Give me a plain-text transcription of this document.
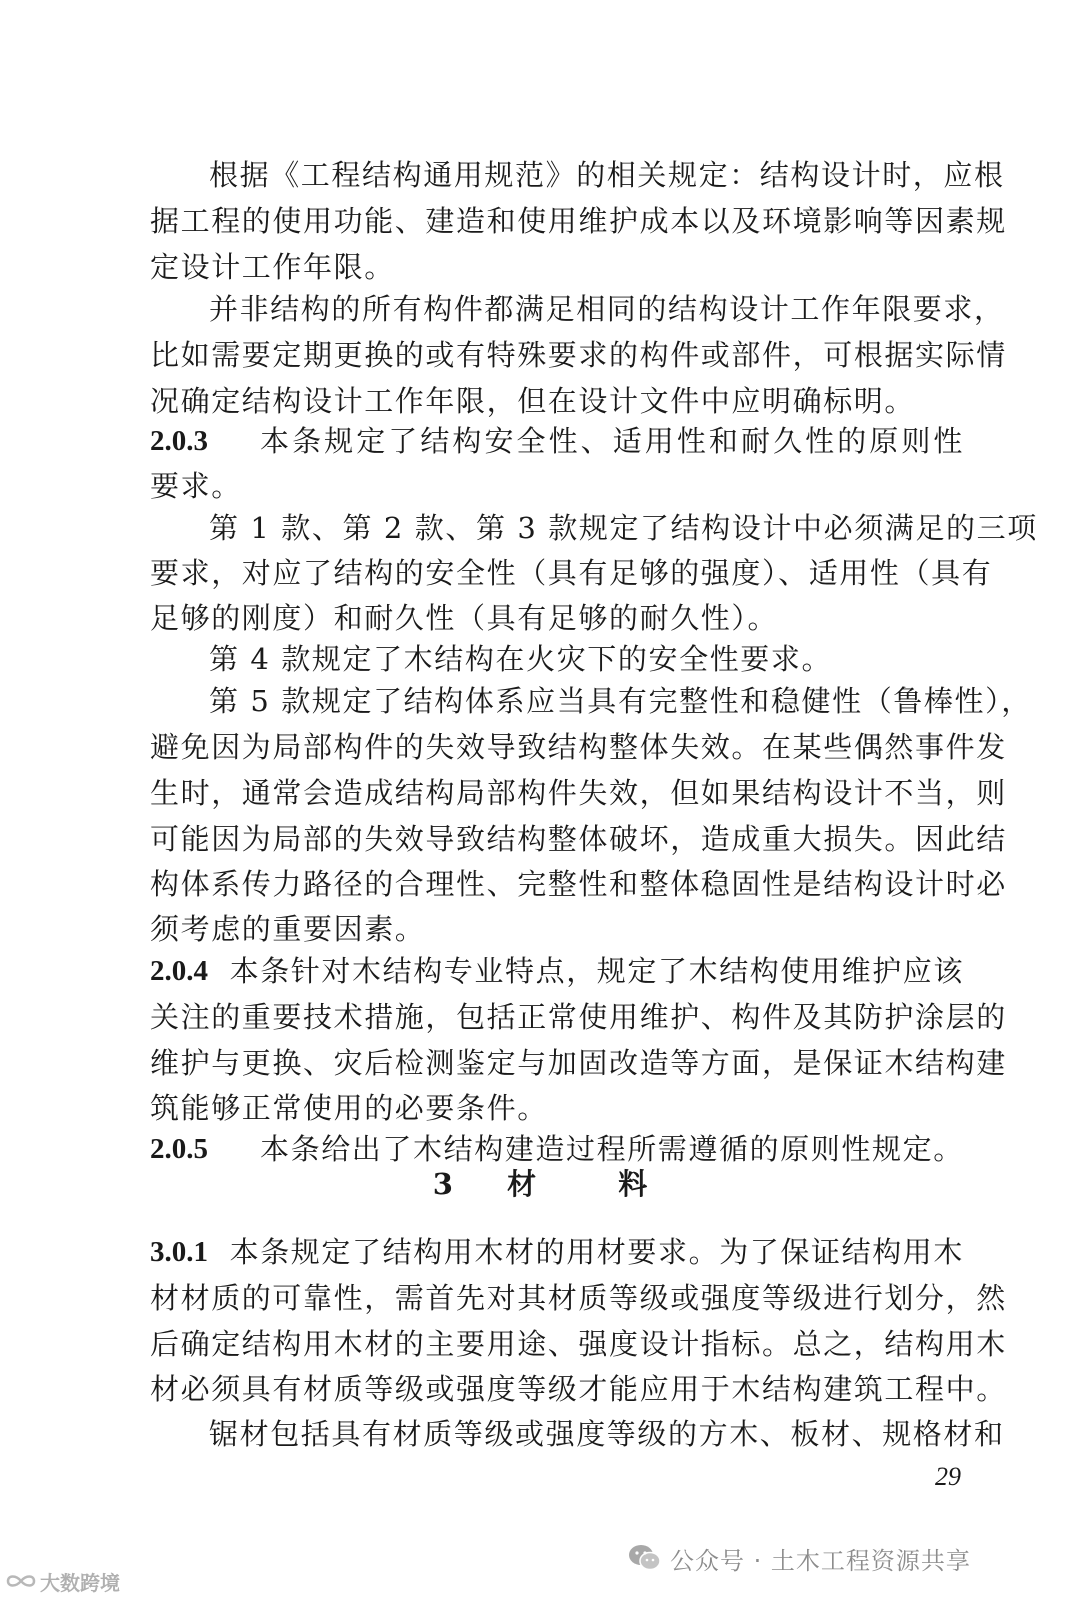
根据《工程结构通用规范》的相关规定：结构设计时，应根
据工程的使用功能、建造和使用维护成本以及环境影响等因素规
定设计工作年限。
并非结构的所有构件都满足相同的结构设计工作年限要求，
比如需要定期更换的或有特殊要求的构件或部件，可根据实际情
况确定结构设计工作年限，但在设计文件中应明确标明。
2.0.3	本条规定了结构安全性、适用性和耐久性的原则性
要求。
第 1 款、第 2 款、第 3 款规定了结构设计中必须满足的三项
要求，对应了结构的安全性（具有足够的强度）、适用性（具有
足够的刚度）和耐久性（具有足够的耐久性）。
第 4 款规定了木结构在火灾下的安全性要求。
第 5 款规定了结构体系应当具有完整性和稳健性（鲁棒性），
避免因为局部构件的失效导致结构整体失效。在某些偶然事件发
生时，通常会造成结构局部构件失效，但如果结构设计不当，则
可能因为局部的失效导致结构整体破坏，造成重大损失。因此结
构体系传力路径的合理性、完整性和整体稳固性是结构设计时必
须考虑的重要因素。
2.0.4 本条针对木结构专业特点，规定了木结构使用维护应该
关注的重要技术措施，包括正常使用维护、构件及其防护涂层的
维护与更换、灾后检测鉴定与加固改造等方面，是保证木结构建
筑能够正常使用的必要条件。
2.0.5	本条给出了木结构建造过程所需遵循的原则性规定。
3 材	料
3.0.1 本条规定了结构用木材的用材要求。为了保证结构用木
材材质的可靠性，需首先对其材质等级或强度等级进行划分，然
后确定结构用木材的主要用途、强度设计指标。总之，结构用木
材必须具有材质等级或强度等级才能应用于木结构建筑工程中。
锯材包括具有材质等级或强度等级的方木、板材、规格材和
29
公众号 · 土木工程资源共享
大数跨境
